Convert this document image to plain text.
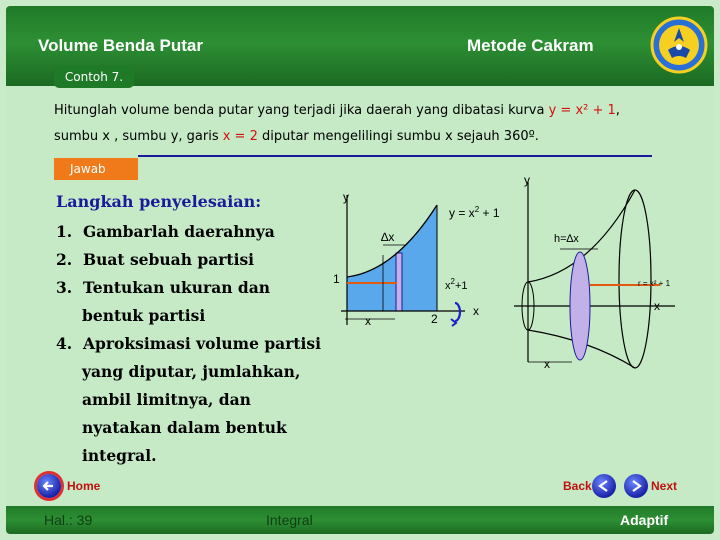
Volume Benda Putar	Metode Cakram
Contoh 7.
Hitunglah volume benda putar yang terjadi jika daerah yang dibatasi kurva y = x² + 1,
sumbu x , sumbu y, garis x = 2 diputar mengelilingi sumbu x sejauh 360º.
Jawab
Langkah penyelesaian:
1. Gambarlah daerahnya
2. Buat sebuah partisi
3. Tentukan ukuran dan
bentuk partisi
4. Aproksimasi volume partisi
yang diputar, jumlahkan,
ambil limitnya, dan
nyatakan dalam bentuk
integral.
y
$y = x^2 + 1$
∆x
$x^2+1$
1
x	2
x
y
h=∆x
r = x² + 1
x
x
Home	Back	Next
Hal.: 39	Integral	Adaptif
